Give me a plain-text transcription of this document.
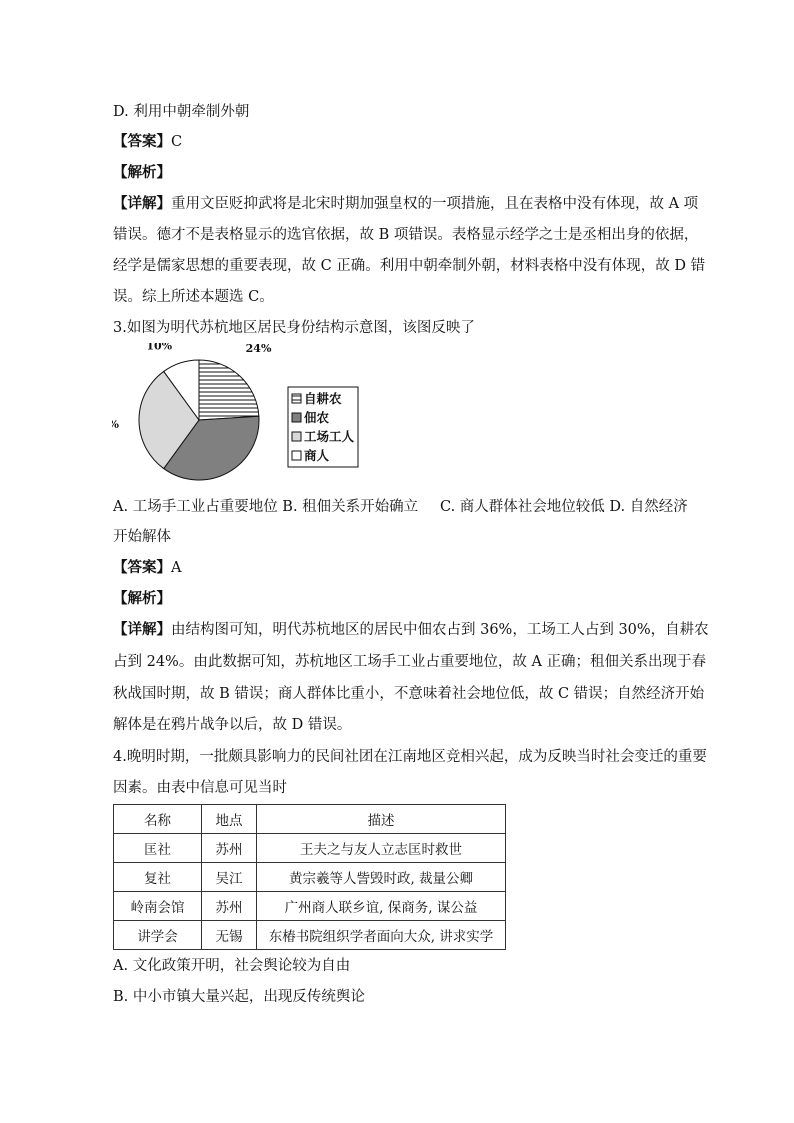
D. 利用中朝牵制外朝
【答案】C
【解析】
【详解】重用文臣贬抑武将是北宋时期加强皇权的一项措施，且在表格中没有体现，故 A 项
错误。德才不是表格显示的选官依据，故 B 项错误。表格显示经学之士是丞相出身的依据，
经学是儒家思想的重要表现，故 C 正确。利用中朝牵制外朝，材料表格中没有体现，故 D 错
误。综上所述本题选 C。
3.如图为明代苏杭地区居民身份结构示意图，该图反映了
24%
10%
自耕农
佃农
工场工人
商人
A. 工场手工业占重要地位 B. 租佃关系开始确立 C. 商人群体社会地位较低 D. 自然经济
开始解体
【答案】A
【解析】
【详解】由结构图可知，明代苏杭地区的居民中佃农占到 36%，工场工人占到 30%，自耕农
占到 24%。由此数据可知，苏杭地区工场手工业占重要地位，故 A 正确；租佃关系出现于春
秋战国时期，故 B 错误；商人群体比重小，不意味着社会地位低，故 C 错误；自然经济开始
解体是在鸦片战争以后，故 D 错误。
4.晚明时期，一批颇具影响力的民间社团在江南地区竞相兴起，成为反映当时社会变迁的重要
因素。由表中信息可见当时
名称	地点	描述
匡社	苏州	王夫之与友人立志匡时救世
复社	吴江	黄宗羲等人訾毁时政, 裁量公卿
岭南会馆	苏州	广州商人联乡谊, 保商务, 谋公益
讲学会	无锡	东椿书院组织学者面向大众, 讲求实学
A. 文化政策开明，社会舆论较为自由
B. 中小市镇大量兴起，出现反传统舆论
